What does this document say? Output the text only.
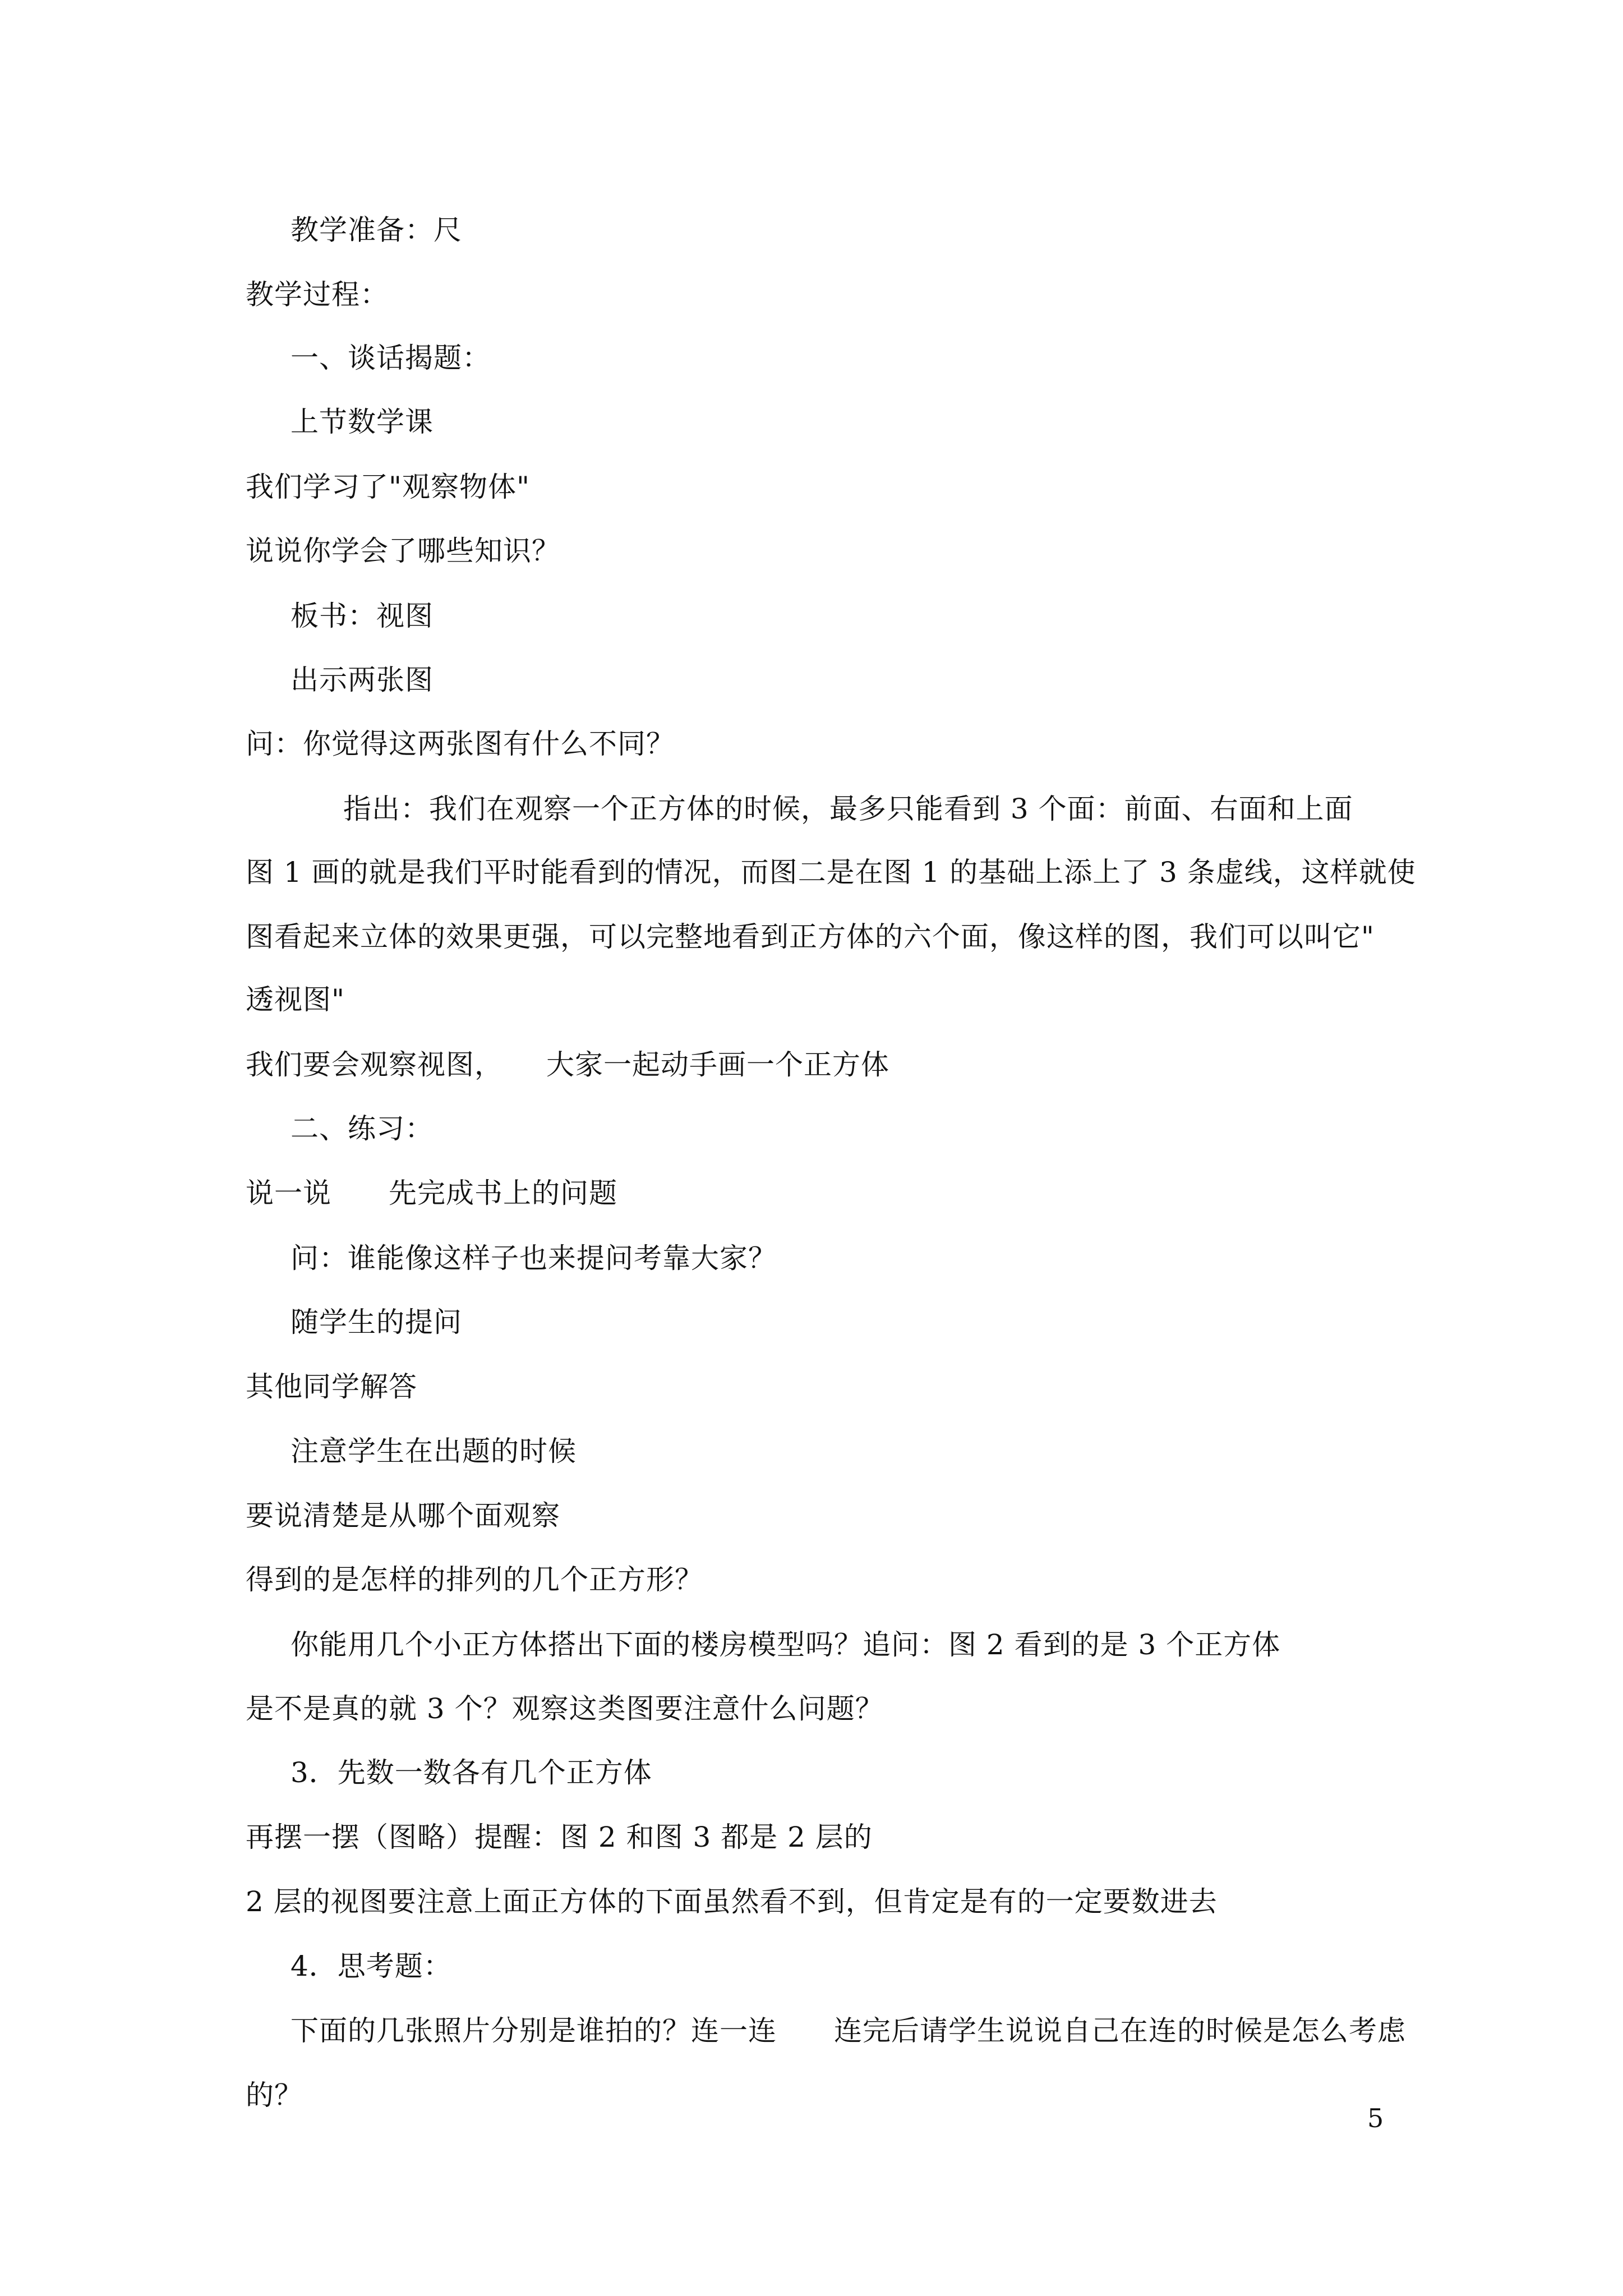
教学准备：尺
教学过程：
一、谈话揭题：
上节数学课
我们学习了"观察物体"
说说你学会了哪些知识？
板书：视图
出示两张图
问：你觉得这两张图有什么不同？
指出：我们在观察一个正方体的时候，最多只能看到 3 个面：前面、右面和上面
图 1 画的就是我们平时能看到的情况，而图二是在图 1 的基础上添上了 3 条虚线，这样就使
图看起来立体的效果更强，可以完整地看到正方体的六个面，像这样的图，我们可以叫它"
透视图"
我们要会观察视图，　　大家一起动手画一个正方体
二、练习：
说一说　　先完成书上的问题
问：谁能像这样子也来提问考靠大家？
随学生的提问
其他同学解答
注意学生在出题的时候
要说清楚是从哪个面观察
得到的是怎样的排列的几个正方形？
你能用几个小正方体搭出下面的楼房模型吗？追问：图 2 看到的是 3 个正方体
是不是真的就 3 个？观察这类图要注意什么问题？
3．先数一数各有几个正方体
再摆一摆（图略）提醒：图 2 和图 3 都是 2 层的
2 层的视图要注意上面正方体的下面虽然看不到，但肯定是有的一定要数进去
4．思考题：
下面的几张照片分别是谁拍的？连一连　　连完后请学生说说自己在连的时候是怎么考虑
的？
5
